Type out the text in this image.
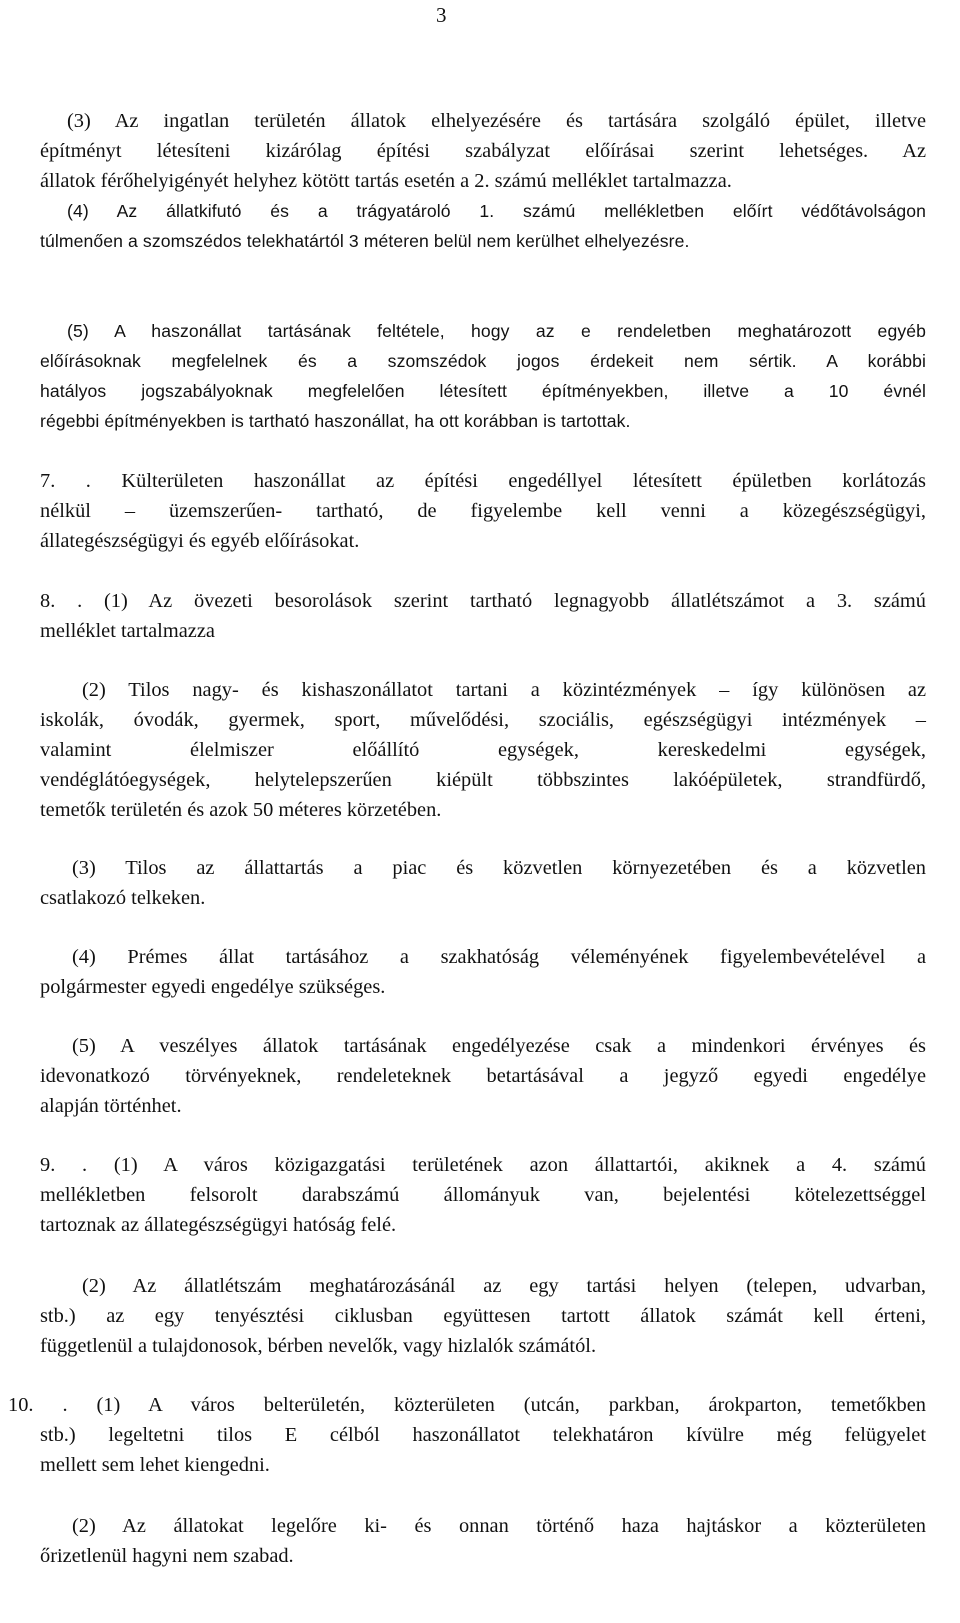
3
(3) Az ingatlan területén állatok elhelyezésére és tartására szolgáló épület, illetve
építményt létesíteni kizárólag építési szabályzat előírásai szerint lehetséges. Az
állatok férőhelyigényét helyhez kötött tartás esetén a 2. számú melléklet tartalmazza.
(4) Az állatkifutó és a trágyatároló 1. számú mellékletben előírt védőtávolságon
túlmenően a szomszédos telekhatártól 3 méteren belül nem kerülhet elhelyezésre.
(5) A haszonállat tartásának feltétele, hogy az e rendeletben meghatározott egyéb
előírásoknak megfelelnek és a szomszédok jogos érdekeit nem sértik. A korábbi
hatályos jogszabályoknak megfelelően létesített építményekben, illetve a 10 évnél
régebbi építményekben is tartható haszonállat, ha ott korábban is tartottak.
7. . Külterületen haszonállat az építési engedéllyel létesített épületben korlátozás
nélkül – üzemszerűen- tartható, de figyelembe kell venni a közegészségügyi,
állategészségügyi és egyéb előírásokat.
8. . (1) Az övezeti besorolások szerint tartható legnagyobb állatlétszámot a 3. számú
melléklet tartalmazza
(2) Tilos nagy- és kishaszonállatot tartani a közintézmények – így különösen az
iskolák, óvodák, gyermek, sport, művelődési, szociális, egészségügyi intézmények –
valamint élelmiszer előállító egységek, kereskedelmi egységek,
vendéglátóegységek, helytelepszerűen kiépült többszintes lakóépületek, strandfürdő,
temetők területén és azok 50 méteres körzetében.
(3) Tilos az állattartás a piac és közvetlen környezetében és a közvetlen
csatlakozó telkeken.
(4) Prémes állat tartásához a szakhatóság véleményének figyelembevételével a
polgármester egyedi engedélye szükséges.
(5) A veszélyes állatok tartásának engedélyezése csak a mindenkori érvényes és
idevonatkozó törvényeknek, rendeleteknek betartásával a jegyző egyedi engedélye
alapján történhet.
9. . (1) A város közigazgatási területének azon állattartói, akiknek a 4. számú
mellékletben felsorolt darabszámú állományuk van, bejelentési kötelezettséggel
tartoznak az állategészségügyi hatóság felé.
(2) Az állatlétszám meghatározásánál az egy tartási helyen (telepen, udvarban,
stb.) az egy tenyésztési ciklusban együttesen tartott állatok számát kell érteni,
függetlenül a tulajdonosok, bérben nevelők, vagy hizlalók számától.
10. . (1) A város belterületén, közterületen (utcán, parkban, árokparton, temetőkben
stb.) legeltetni tilos E célból haszonállatot telekhatáron kívülre még felügyelet
mellett sem lehet kiengedni.
(2) Az állatokat legelőre ki- és onnan történő haza hajtáskor a közterületen
őrizetlenül hagyni nem szabad.
